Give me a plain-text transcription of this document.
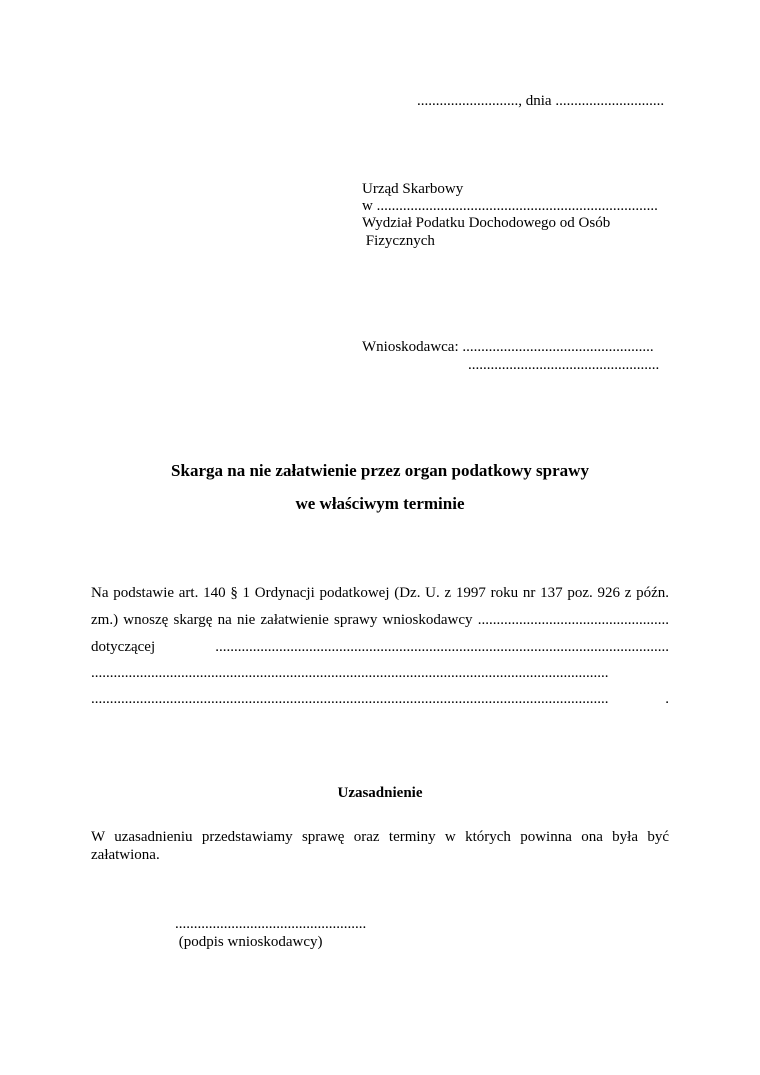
..........................., dnia .............................
Urząd Skarbowy
w ...........................................................................
Wydział Podatku Dochodowego od Osób
Fizycznych
Wnioskodawca: ...................................................
...................................................
Skarga na nie załatwienie przez organ podatkowy sprawy
we właściwym terminie
Na podstawie art. 140 § 1 Ordynacji podatkowej (Dz. U. z 1997 roku nr 137 poz. 926 z późn.
zm.) wnoszę skargę na nie załatwienie sprawy wnioskodawcy ...................................................
dotyczącej .........................................................................................................................
..........................................................................................................................................
.......................................................................................................................................... .
Uzasadnienie
W uzasadnieniu przedstawiamy sprawę oraz terminy w których powinna ona była być
załatwiona.
...................................................
(podpis wnioskodawcy)
